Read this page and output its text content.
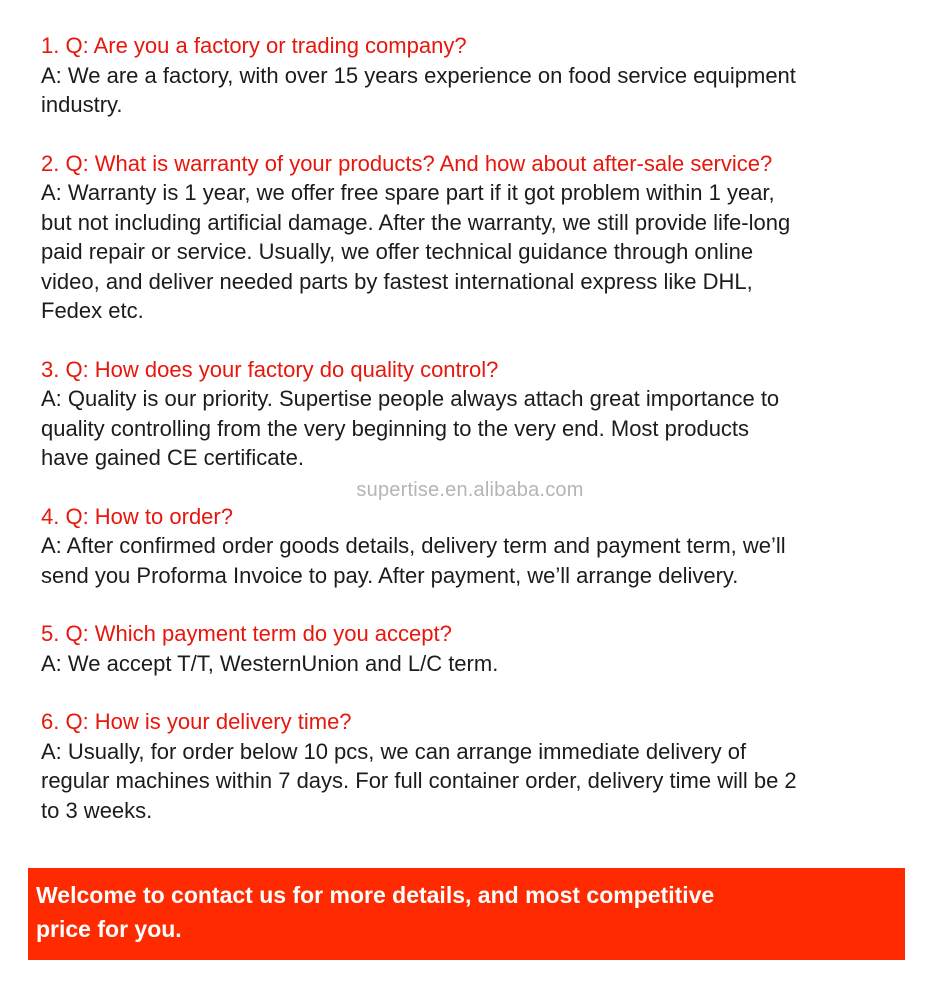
1. Q: Are you a factory or trading company?

A: We are a factory, with over 15 years experience on food service equipment
industry.

2. Q: What is warranty of your products? And how about after-sale service?

A: Warranty is 1 year, we offer free spare part if it got problem within 1 year,
but not including artificial damage. After the warranty, we still provide life-long
paid repair or service. Usually, we offer technical guidance through online
video, and deliver needed parts by fastest international express like DHL,
Fedex etc.

3. Q: How does your factory do quality control?

A: Quality is our priority. Supertise people always attach great importance to
quality controlling from the very beginning to the very end. Most products
have gained CE certificate.

4. Q: How to order?

A: After confirmed order goods details, delivery term and payment term, we’ll
send you Proforma Invoice to pay. After payment, we’ll arrange delivery.

5. Q: Which payment term do you accept?

A: We accept T/T, WesternUnion and L/C term.

6. Q: How is your delivery time?

A: Usually, for order below 10 pcs, we can arrange immediate delivery of
regular machines within 7 days. For full container order, delivery time will be 2
to 3 weeks.

supertise.en.alibaba.com

Welcome to contact us for more details, and most competitive
price for you.
